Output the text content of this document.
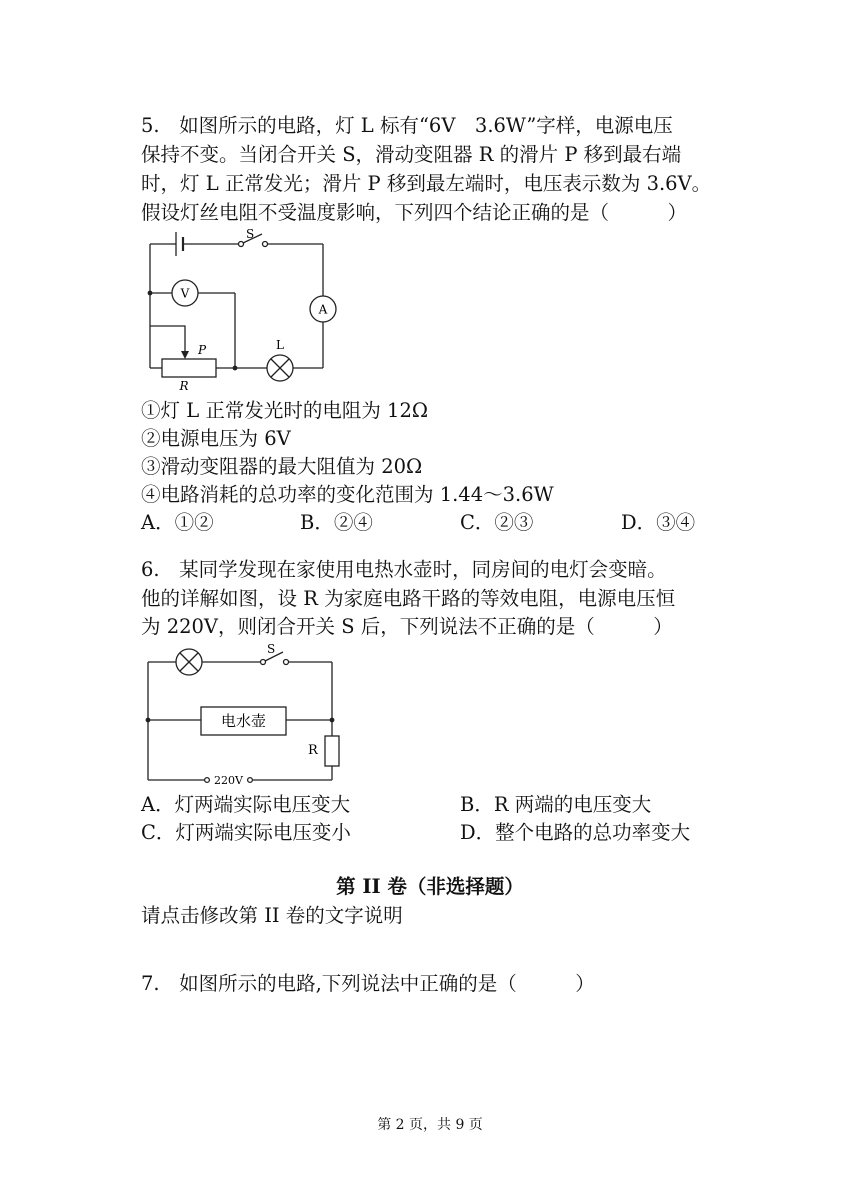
5.　如图所示的电路，灯 L 标有“6V　3.6W”字样，电源电压
保持不变。当闭合开关 S，滑动变阻器 R 的滑片 P 移到最右端
时，灯 L 正常发光；滑片 P 移到最左端时，电压表示数为 3.6V。
假设灯丝电阻不受温度影响，下列四个结论正确的是（　　　）
S
V
A
L
P
R
①灯 L 正常发光时的电阻为 12Ω
②电源电压为 6V
③滑动变阻器的最大阻值为 20Ω
④电路消耗的总功率的变化范围为 1.44～3.6W
A．①②	B．②④	C．②③	D．③④
6.　某同学发现在家使用电热水壶时，同房间的电灯会变暗。
他的详解如图，设 R 为家庭电路干路的等效电阻，电源电压恒
为 220V，则闭合开关 S 后，下列说法不正确的是（　　　）
S
电水壶
R
220V
A．灯两端实际电压变大	B．R 两端的电压变大
C．灯两端实际电压变小	D．整个电路的总功率变大
第 II 卷（非选择题）
请点击修改第 II 卷的文字说明
7.　如图所示的电路,下列说法中正确的是（　　　）
第 2 页，共 9 页
